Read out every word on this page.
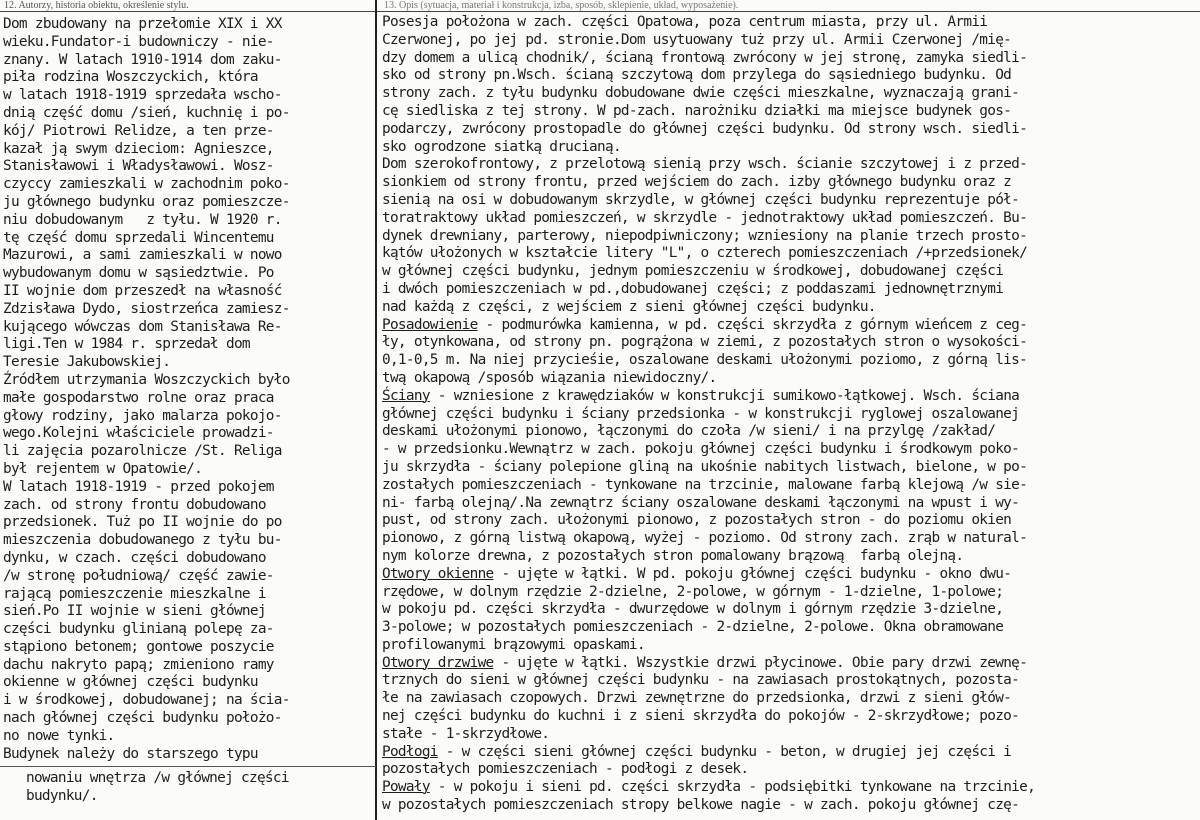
12. Autorzy, historia obiektu, określenie stylu.	13. Opis (sytuacja, materiał i konstrukcja, izba, sposób, sklepienie, układ, wyposażenie).
Dom zbudowany na przełomie XIX i XX
wieku.Fundator-i budowniczy - nie-
znany. W latach 1910-1914 dom zaku-
piła rodzina Woszczyckich, która
w latach 1918-1919 sprzedała wscho-
dnią część domu /sień, kuchnię i po-
kój/ Piotrowi Relidze, a ten prze-
kazał ją swym dzieciom: Agnieszce,
Stanisławowi i Władysławowi. Wosz-
czyccy zamieszkali w zachodnim poko-
ju głównego budynku oraz pomieszcze-
niu dobudowanym   z tyłu. W 1920 r.
tę część domu sprzedali Wincentemu
Mazurowi, a sami zamieszkali w nowo
wybudowanym domu w sąsiedztwie. Po
II wojnie dom przeszedł na własność
Zdzisława Dydo, siostrzeńca zamiesz-
kującego wówczas dom Stanisława Re-
ligi.Ten w 1984 r. sprzedał dom
Teresie Jakubowskiej.
Źródłem utrzymania Woszczyckich było
małe gospodarstwo rolne oraz praca
głowy rodziny, jako malarza pokojo-
wego.Kolejni właściciele prowadzi-
li zajęcia pozarolnicze /St. Religa
był rejentem w Opatowie/.
W latach 1918-1919 - przed pokojem
zach. od strony frontu dobudowano
przedsionek. Tuż po II wojnie do po
mieszczenia dobudowanego z tyłu bu-
dynku, w czach. części dobudowano
/w stronę południową/ część zawie-
rającą pomieszczenie mieszkalne i
sień.Po II wojnie w sieni głównej
części budynku glinianą polepę za-
stąpiono betonem; gontowe poszycie
dachu nakryto papą; zmieniono ramy
okienne w głównej części budynku
i w środkowej, dobudowanej; na ścia-
nach głównej części budynku położo-
no nowe tynki.
Budynek należy do starszego typu
nowaniu wnętrza /w głównej części
budynku/.
Posesja położona w zach. części Opatowa, poza centrum miasta, przy ul. Armii
Czerwonej, po jej pd. stronie.Dom usytuowany tuż przy ul. Armii Czerwonej /mię-
dzy domem a ulicą chodnik/, ścianą frontową zwrócony w jej stronę, zamyka siedli-
sko od strony pn.Wsch. ścianą szczytową dom przylega do sąsiedniego budynku. Od
strony zach. z tyłu budynku dobudowane dwie części mieszkalne, wyznaczają grani-
cę siedliska z tej strony. W pd-zach. narożniku działki ma miejsce budynek gos-
podarczy, zwrócony prostopadle do głównej części budynku. Od strony wsch. siedli-
sko ogrodzone siatką drucianą.
Dom szerokofrontowy, z przelotową sienią przy wsch. ścianie szczytowej i z przed-
sionkiem od strony frontu, przed wejściem do zach. izby głównego budynku oraz z
sienią na osi w dobudowanym skrzydle, w głównej części budynku reprezentuje pół-
toratraktowy układ pomieszczeń, w skrzydle - jednotraktowy układ pomieszczeń. Bu-
dynek drewniany, parterowy, niepodpiwniczony; wzniesiony na planie trzech prosto-
kątów ułożonych w kształcie litery "L", o czterech pomieszczeniach /+przedsionek/
w głównej części budynku, jednym pomieszczeniu w środkowej, dobudowanej części
i dwóch pomieszczeniach w pd.,dobudowanej części; z poddaszami jednownętrznymi
nad każdą z części, z wejściem z sieni głównej części budynku.
Posadowienie - podmurówka kamienna, w pd. części skrzydła z górnym wieńcem z ceg-
ły, otynkowana, od strony pn. pogrążona w ziemi, z pozostałych stron o wysokości-
0,1-0,5 m. Na niej przycieśie, oszalowane deskami ułożonymi poziomo, z górną lis-
twą okapową /sposób wiązania niewidoczny/.
Ściany - wzniesione z krawędziaków w konstrukcji sumikowo-łątkowej. Wsch. ściana
głównej części budynku i ściany przedsionka - w konstrukcji ryglowej oszalowanej
deskami ułożonymi pionowo, łączonymi do czoła /w sieni/ i na przylgę /zakład/
- w przedsionku.Wewnątrz w zach. pokoju głównej części budynku i środkowym poko-
ju skrzydła - ściany polepione gliną na ukośnie nabitych listwach, bielone, w po-
zostałych pomieszczeniach - tynkowane na trzcinie, malowane farbą klejową /w sie-
ni- farbą olejną/.Na zewnątrz ściany oszalowane deskami łączonymi na wpust i wy-
pust, od strony zach. ułożonymi pionowo, z pozostałych stron - do poziomu okien
pionowo, z górną listwą okapową, wyżej - poziomo. Od strony zach. zrąb w natural-
nym kolorze drewna, z pozostałych stron pomalowany brązową  farbą olejną.
Otwory okienne - ujęte w łątki. W pd. pokoju głównej części budynku - okno dwu-
rzędowe, w dolnym rzędzie 2-dzielne, 2-polowe, w górnym - 1-dzielne, 1-polowe;
w pokoju pd. części skrzydła - dwurzędowe w dolnym i górnym rzędzie 3-dzielne,
3-polowe; w pozostałych pomieszczeniach - 2-dzielne, 2-polowe. Okna obramowane
profilowanymi brązowymi opaskami.
Otwory drzwiwe - ujęte w łątki. Wszystkie drzwi płycinowe. Obie pary drzwi zewnę-
trznych do sieni w głównej części budynku - na zawiasach prostokątnych, pozosta-
łe na zawiasach czopowych. Drzwi zewnętrzne do przedsionka, drzwi z sieni głów-
nej części budynku do kuchni i z sieni skrzydła do pokojów - 2-skrzydłowe; pozo-
stałe - 1-skrzydłowe.
Podłogi - w części sieni głównej części budynku - beton, w drugiej jej części i
pozostałych pomieszczeniach - podłogi z desek.
Powały - w pokoju i sieni pd. części skrzydła - podsiębitki tynkowane na trzcinie,
w pozostałych pomieszczeniach stropy belkowe nagie - w zach. pokoju głównej czę-
